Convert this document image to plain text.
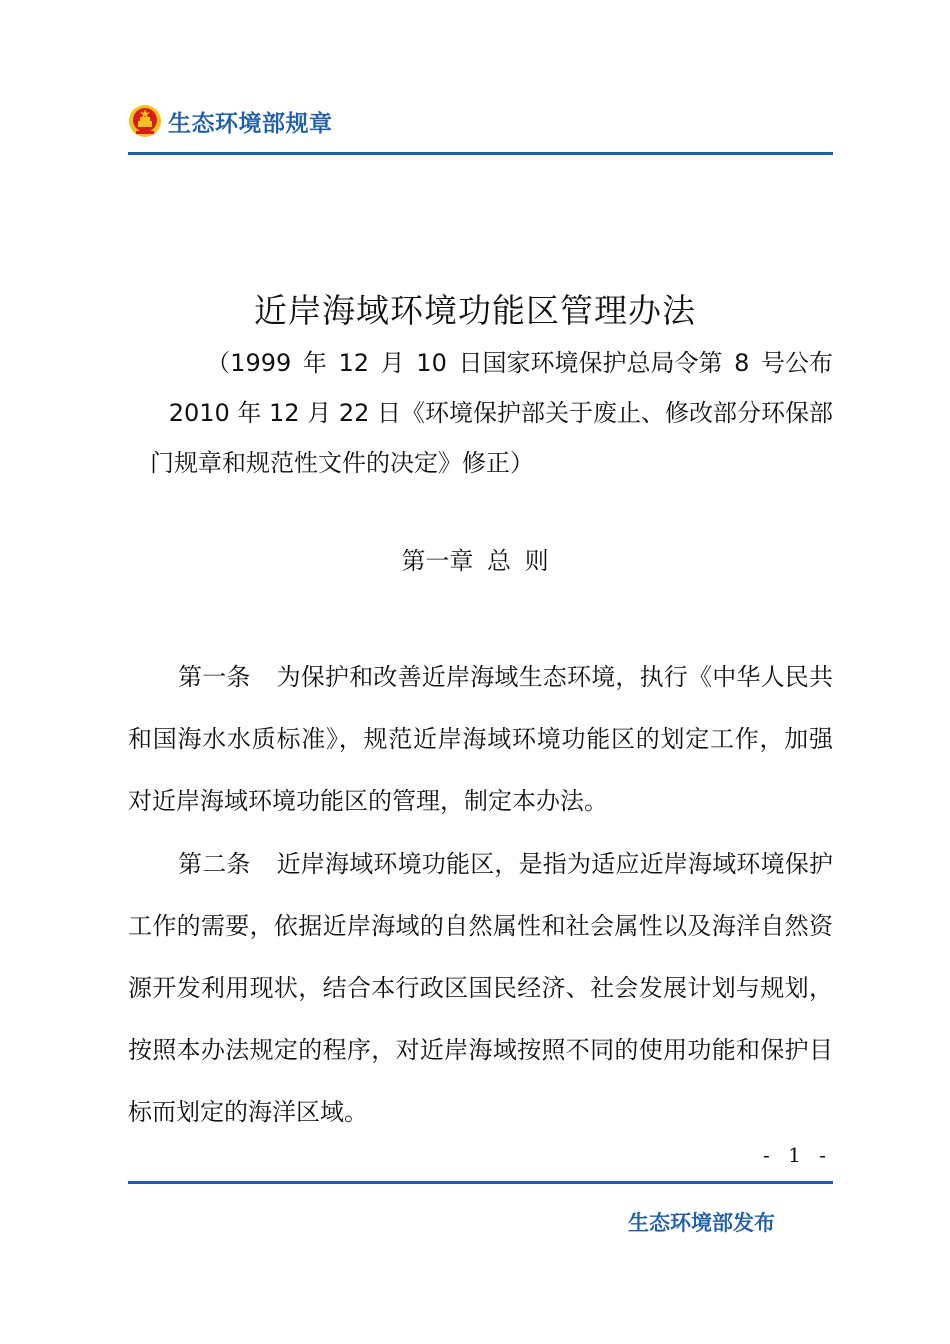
生态环境部规章
近岸海域环境功能区管理办法
（1999 年 12 月 10 日国家环境保护总局令第 8 号公布
2010 年 12 月 22 日《环境保护部关于废止、修改部分环保部
门规章和规范性文件的决定》修正）
第一章 总 则
第一条 为保护和改善近岸海域生态环境，执行《中华人民共和国海水水质标准》，规范近岸海域环境功能区的划定工作，加强对近岸海域环境功能区的管理，制定本办法。
第二条 近岸海域环境功能区，是指为适应近岸海域环境保护工作的需要，依据近岸海域的自然属性和社会属性以及海洋自然资源开发利用现状，结合本行政区国民经济、社会发展计划与规划，按照本办法规定的程序，对近岸海域按照不同的使用功能和保护目标而划定的海洋区域。
- 1 -
生态环境部发布
